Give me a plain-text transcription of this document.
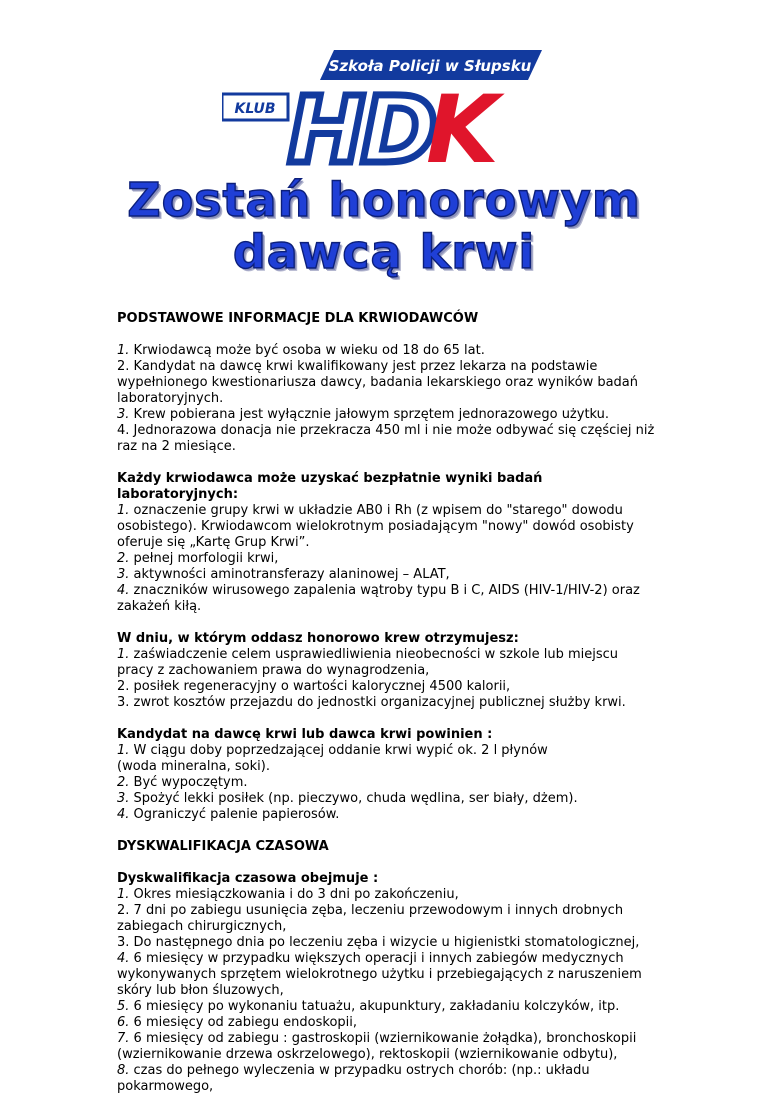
Szkoła Policji w Słupsku
HD
K
KLUB
Zostań honorowym
dawcą krwi

PODSTAWOWE INFORMACJE DLA KRWIODAWCÓW

1. Krwiodawcą może być osoba w wieku od 18 do 65 lat.

2. Kandydat na dawcę krwi kwalifikowany jest przez lekarza na podstawie wypełnionego kwestionariusza dawcy, badania lekarskiego oraz wyników badań laboratoryjnych.

3. Krew pobierana jest wyłącznie jałowym sprzętem jednorazowego użytku.

4. Jednorazowa donacja nie przekracza 450 ml i nie może odbywać się częściej niż raz na 2 miesiące.

Każdy krwiodawca może uzyskać bezpłatnie wyniki badań laboratoryjnych:

1. oznaczenie grupy krwi w układzie AB0 i Rh (z wpisem do "starego" dowodu osobistego). Krwiodawcom wielokrotnym posiadającym "nowy" dowód osobisty oferuje się „Kartę Grup Krwi”.

2. pełnej morfologii krwi,

3. aktywności aminotransferazy alaninowej – ALAT,

4. znaczników wirusowego zapalenia wątroby typu B i C, AIDS (HIV-1/HIV-2) oraz zakażeń kiłą.

W dniu, w którym oddasz honorowo krew otrzymujesz:

1. zaświadczenie celem usprawiedliwienia nieobecności w szkole lub miejscu pracy z zachowaniem prawa do wynagrodzenia,

2. posiłek regeneracyjny o wartości kalorycznej 4500 kalorii,

3. zwrot kosztów przejazdu do jednostki organizacyjnej publicznej służby krwi.

Kandydat na dawcę krwi lub dawca krwi powinien :

1. W ciągu doby poprzedzającej oddanie krwi wypić ok. 2 l płynów
(woda mineralna, soki).

2. Być wypoczętym.

3. Spożyć lekki posiłek (np. pieczywo, chuda wędlina, ser biały, dżem).

4. Ograniczyć palenie papierosów.

DYSKWALIFIKACJA CZASOWA

Dyskwalifikacja czasowa obejmuje :

1. Okres miesiączkowania i do 3 dni po zakończeniu,

2. 7 dni po zabiegu usunięcia zęba, leczeniu przewodowym i innych drobnych zabiegach chirurgicznych,

3. Do następnego dnia po leczeniu zęba i wizycie u higienistki stomatologicznej,

4. 6 miesięcy w przypadku większych operacji i innych zabiegów medycznych wykonywanych sprzętem wielokrotnego użytku i przebiegających z naruszeniem skóry lub błon śluzowych,

5. 6 miesięcy po wykonaniu tatuażu, akupunktury, zakładaniu kolczyków, itp.

6. 6 miesięcy od zabiegu endoskopii,

7. 6 miesięcy od zabiegu : gastroskopii (wziernikowanie żołądka), bronchoskopii (wziernikowanie drzewa oskrzelowego), rektoskopii (wziernikowanie odbytu),

8. czas do pełnego wyleczenia w przypadku ostrych chorób: (np.: układu pokarmowego,
